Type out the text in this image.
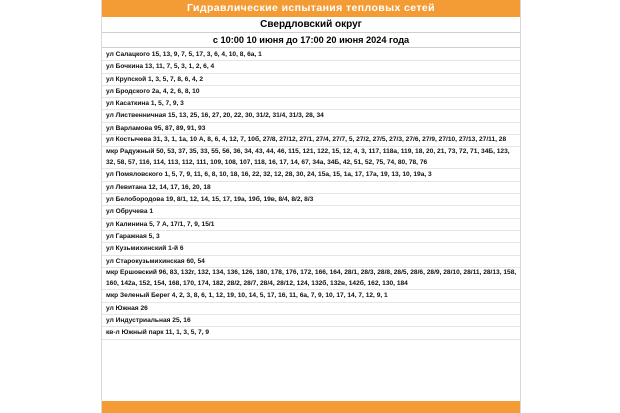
Гидравлические испытания тепловых сетей
Свердловский округ
с 10:00 10 июня до 17:00 20 июня 2024 года
ул Салацкого 15, 13, 9, 7, 5, 17, 3, 6, 4, 10, 8, 6а, 1
ул Бочкина 13, 11, 7, 5, 3, 1, 2, 6, 4
ул Крупской 1, 3, 5, 7, 8, 6, 4, 2
ул Бродского 2а, 4, 2, 6, 8, 10
ул Касаткина 1, 5, 7, 9, 3
ул Лиственничная 15, 13, 25, 16, 27, 20, 22, 30, 31/2, 31/4, 31/3, 28, 34
ул Варламова 95, 87, 89, 91, 93
ул Костычева 31, 3, 1, 1а, 10 А, 8, 6, 4, 12, 7, 10б, 27/8, 27/12, 27/1, 27/4, 27/7, 5, 27/2, 27/5, 27/3, 27/6, 27/9, 27/10, 27/13, 27/11, 28
мкр Радужный 50, 53, 37, 35, 33, 55, 56, 36, 34, 43, 44, 46, 115, 121, 122, 15, 12, 4, 3, 117, 118а, 119, 18, 20, 21, 73, 72, 71, 34Б, 123, 32, 58, 57, 116, 114, 113, 112, 111, 109, 108, 107, 118, 16, 17, 14, 67, 34а, 34Б, 42, 51, 52, 75, 74, 80, 78, 76
ул Помяловского 1, 5, 7, 9, 11, 6, 8, 10, 18, 16, 22, 32, 12, 28, 30, 24, 15а, 15, 1а, 17, 17а, 19, 13, 10, 19а, 3
ул Левитана 12, 14, 17, 16, 20, 18
ул Белобородова 19, 8/1, 12, 14, 15, 17, 19а, 19б, 19в, 8/4, 8/2, 8/3
ул Обручева 1
ул Калинина 5, 7 А, 17/1, 7, 9, 15/1
ул Гаражная 5, 3
ул Кузьмихинский 1-й 6
ул Старокузьмихинская 60, 54
мкр Ершовский 96, 83, 132г, 132, 134, 136, 126, 180, 178, 176, 172, 166, 164, 28/1, 28/3, 28/8, 28/5, 28/6, 28/9, 28/10, 28/11, 28/13, 158, 160, 142а, 152, 154, 168, 170, 174, 182, 28/2, 28/7, 28/4, 28/12, 124, 132б, 132в, 142б, 162, 130, 184
мкр Зеленый Берег 4, 2, 3, 8, 6, 1, 12, 19, 10, 14, 5, 17, 16, 11, 6а, 7, 9, 10, 17, 14, 7, 12, 9, 1
ул Южная 26
ул Индустриальная 25, 16
кв-л Южный парк 11, 1, 3, 5, 7, 9
